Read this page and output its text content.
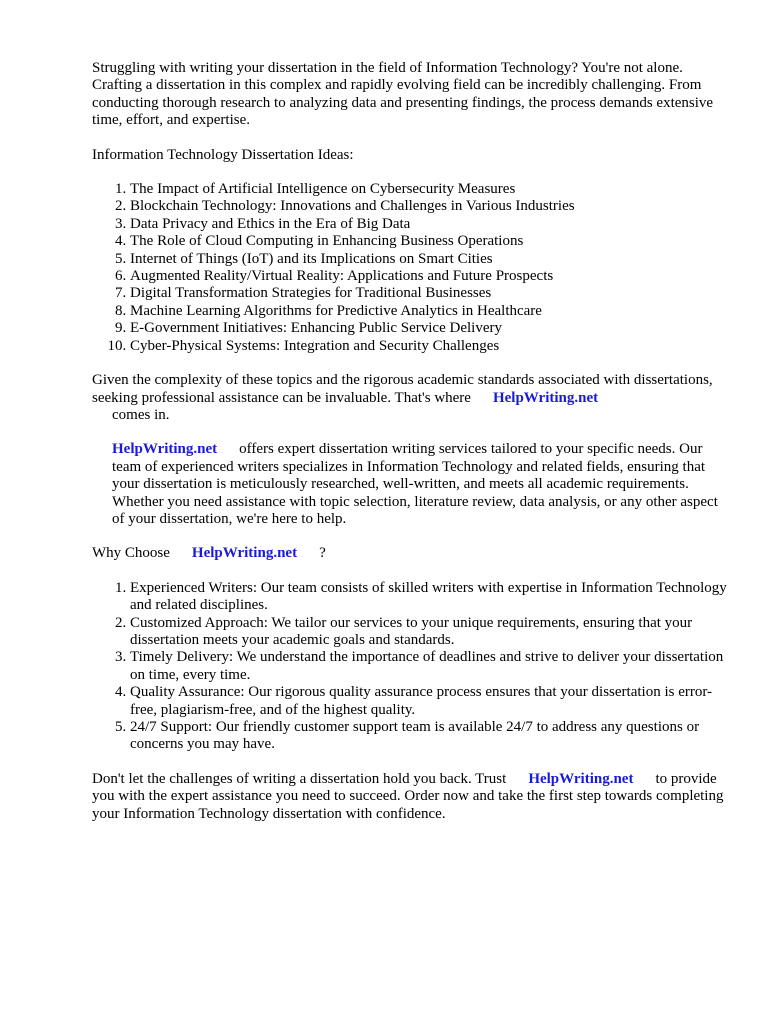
Struggling with writing your dissertation in the field of Information Technology? You're not alone. Crafting a dissertation in this complex and rapidly evolving field can be incredibly challenging. From conducting thorough research to analyzing data and presenting findings, the process demands extensive time, effort, and expertise.

Information Technology Dissertation Ideas:

1. The Impact of Artificial Intelligence on Cybersecurity Measures
2. Blockchain Technology: Innovations and Challenges in Various Industries
3. Data Privacy and Ethics in the Era of Big Data
4. The Role of Cloud Computing in Enhancing Business Operations
5. Internet of Things (IoT) and its Implications on Smart Cities
6. Augmented Reality/Virtual Reality: Applications and Future Prospects
7. Digital Transformation Strategies for Traditional Businesses
8. Machine Learning Algorithms for Predictive Analytics in Healthcare
9. E-Government Initiatives: Enhancing Public Service Delivery
10. Cyber-Physical Systems: Integration and Security Challenges
Given the complexity of these topics and the rigorous academic standards associated with dissertations, seeking professional assistance can be invaluable. That's where HelpWriting.net
comes in.

HelpWriting.net offers expert dissertation writing services tailored to your specific needs. Our team of experienced writers specializes in Information Technology and related fields, ensuring that your dissertation is meticulously researched, well-written, and meets all academic requirements. Whether you need assistance with topic selection, literature review, data analysis, or any other aspect of your dissertation, we're here to help.

Why Choose HelpWriting.net ?

1. Experienced Writers: Our team consists of skilled writers with expertise in Information Technology and related disciplines.
2. Customized Approach: We tailor our services to your unique requirements, ensuring that your dissertation meets your academic goals and standards.
3. Timely Delivery: We understand the importance of deadlines and strive to deliver your dissertation on time, every time.
4. Quality Assurance: Our rigorous quality assurance process ensures that your dissertation is error-free, plagiarism-free, and of the highest quality.
5. 24/7 Support: Our friendly customer support team is available 24/7 to address any questions or concerns you may have.

Don't let the challenges of writing a dissertation hold you back. Trust HelpWriting.net to provide you with the expert assistance you need to succeed. Order now and take the first step towards completing your Information Technology dissertation with confidence.
